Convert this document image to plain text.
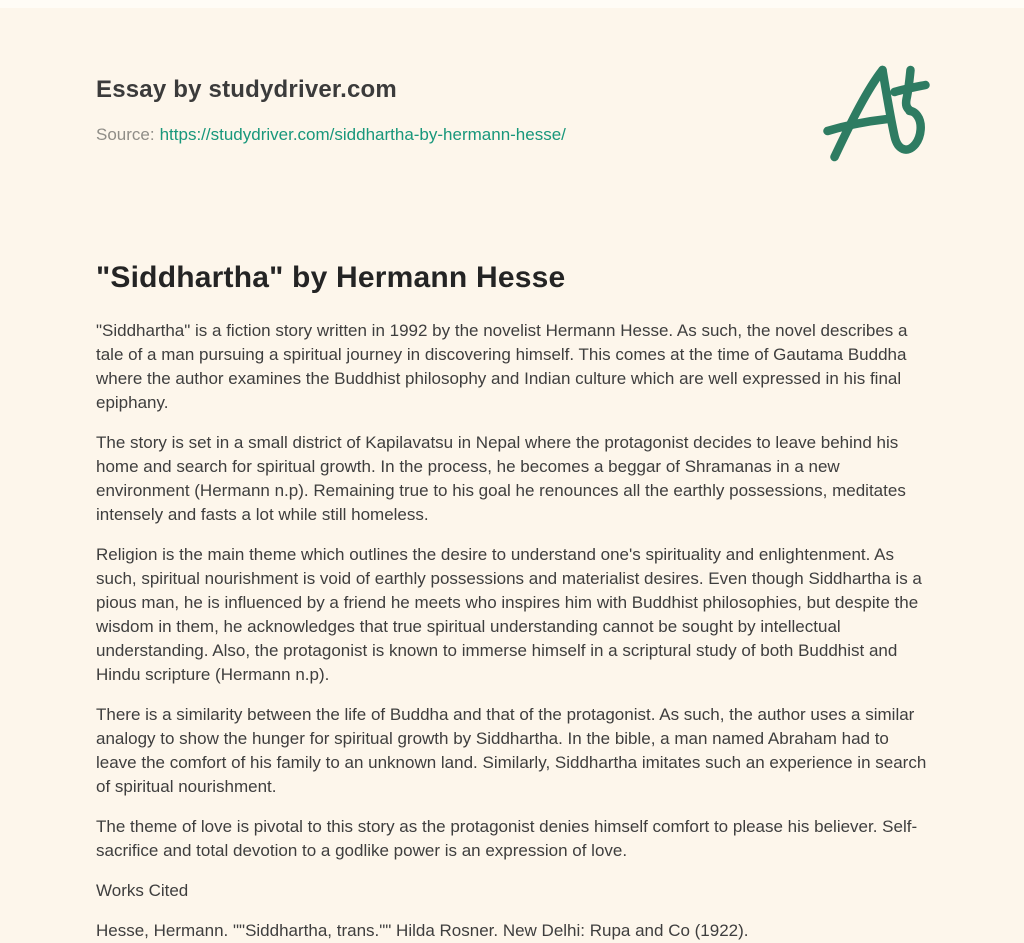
Essay by studydriver.com
Source: https://studydriver.com/siddhartha-by-hermann-hesse/
"Siddhartha" by Hermann Hesse

"Siddhartha" is a fiction story written in 1992 by the novelist Hermann Hesse. As such, the novel describes a tale of a man pursuing a spiritual journey in discovering himself. This comes at the time of Gautama Buddha where the author examines the Buddhist philosophy and Indian culture which are well expressed in his final epiphany.

The story is set in a small district of Kapilavatsu in Nepal where the protagonist decides to leave behind his home and search for spiritual growth. In the process, he becomes a beggar of Shramanas in a new environment (Hermann n.p). Remaining true to his goal he renounces all the earthly possessions, meditates intensely and fasts a lot while still homeless.

Religion is the main theme which outlines the desire to understand one's spirituality and enlightenment. As such, spiritual nourishment is void of earthly possessions and materialist desires. Even though Siddhartha is a pious man, he is influenced by a friend he meets who inspires him with Buddhist philosophies, but despite the wisdom in them, he acknowledges that true spiritual understanding cannot be sought by intellectual understanding. Also, the protagonist is known to immerse himself in a scriptural study of both Buddhist and Hindu scripture (Hermann n.p).

There is a similarity between the life of Buddha and that of the protagonist. As such, the author uses a similar analogy to show the hunger for spiritual growth by Siddhartha. In the bible, a man named Abraham had to leave the comfort of his family to an unknown land. Similarly, Siddhartha imitates such an experience in search of spiritual nourishment.

The theme of love is pivotal to this story as the protagonist denies himself comfort to please his believer. Self-sacrifice and total devotion to a godlike power is an expression of love.

Works Cited

Hesse, Hermann. ""Siddhartha, trans."" Hilda Rosner. New Delhi: Rupa and Co (1922).
